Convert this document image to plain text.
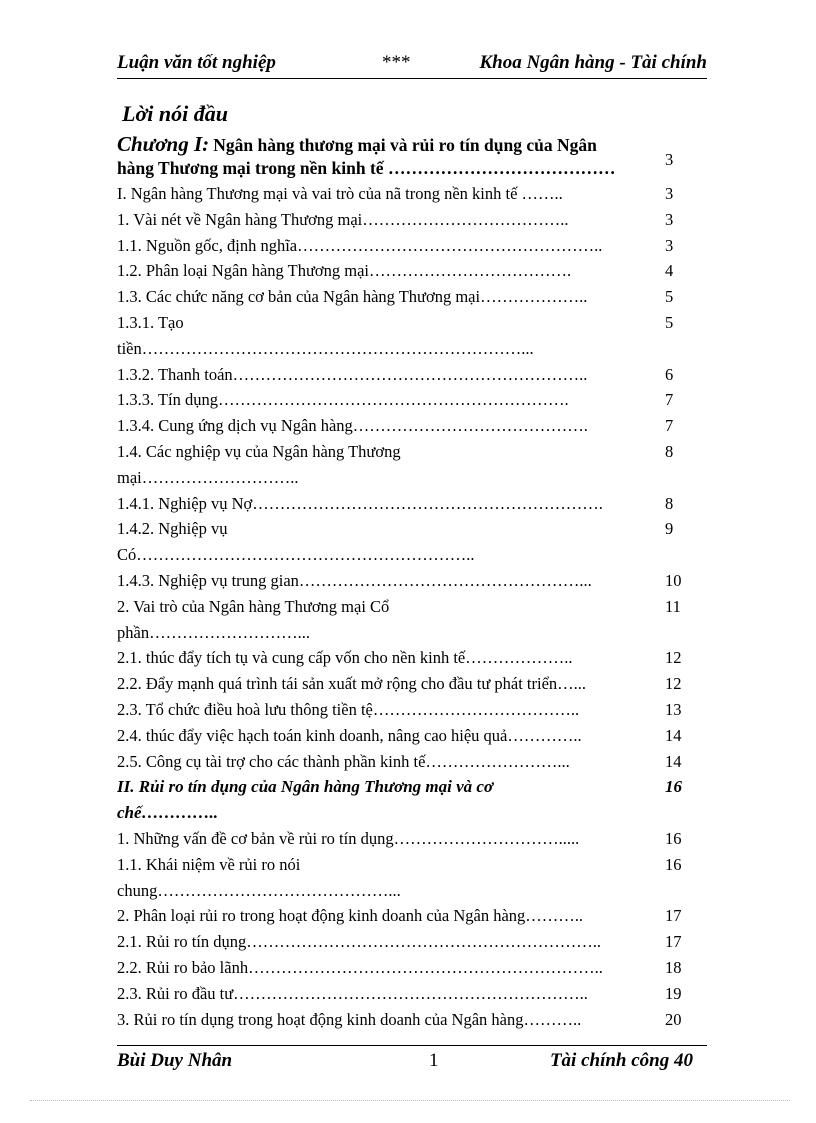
Luận văn tốt nghiệp	***	Khoa Ngân hàng - Tài chính
Lời nói đầu
Chương I: Ngân hàng thương mại và rủi ro tín dụng của Ngân
hàng Thương mại trong nền kinh tế …………………………………	3
I. Ngân hàng Thương mại và vai trò của nã trong nền kinh tế ……..	3
1. Vài nét về Ngân hàng Thương mại………………………………..	3
1.1. Nguồn gốc, định nghĩa………………………………………………..	3
1.2. Phân loại Ngân hàng Thương mại……………………………….	4
1.3. Các chức năng cơ bản của Ngân hàng Thương mại………………..	5
1.3.1. Tạo	5
tiền……………………………………………………………...
1.3.2. Thanh toán………………………………………………………..	6
1.3.3. Tín dụng……………………………………………………….	7
1.3.4. Cung ứng dịch vụ Ngân hàng…………………………………….	7
1.4. Các nghiệp vụ của Ngân hàng Thương	8
mại………………………..
1.4.1. Nghiệp vụ Nợ……………………………………………………….	8
1.4.2. Nghiệp vụ	9
Có……………………………………………………..
1.4.3. Nghiệp vụ trung gian……………………………………………...	10
2. Vai trò của Ngân hàng Thương mại Cổ	11
phần………………………...
2.1. thúc đẩy tích tụ và cung cấp vốn cho nền kinh tế………………..	12
2.2. Đẩy mạnh quá trình tái sản xuất mở rộng cho đầu tư phát triển…...	12
2.3. Tổ chức điều hoà lưu thông tiền tệ………………………………..	13
2.4. thúc đẩy việc hạch toán kinh doanh, nâng cao hiệu quả…………..	14
2.5. Công cụ tài trợ cho các thành phần kinh tế……………………...	14
II. Rủi ro tín dụng của Ngân hàng Thương mại và cơ	16
chế…………..
1. Những vấn đề cơ bản về rủi ro tín dụng………………………….....	16
1.1. Khái niệm về rủi ro nói	16
chung……………………………………...
2. Phân loại rủi ro trong hoạt động kinh doanh của Ngân hàng………..	17
2.1. Rủi ro tín dụng………………………………………………………..	17
2.2. Rủi ro bảo lãnh………………………………………………………..	18
2.3. Rủi ro đầu tư………………………………………………………..	19
3. Rủi ro tín dụng trong hoạt động kinh doanh của Ngân hàng………..	20
Bùi Duy Nhân	1	Tài chính công 40
